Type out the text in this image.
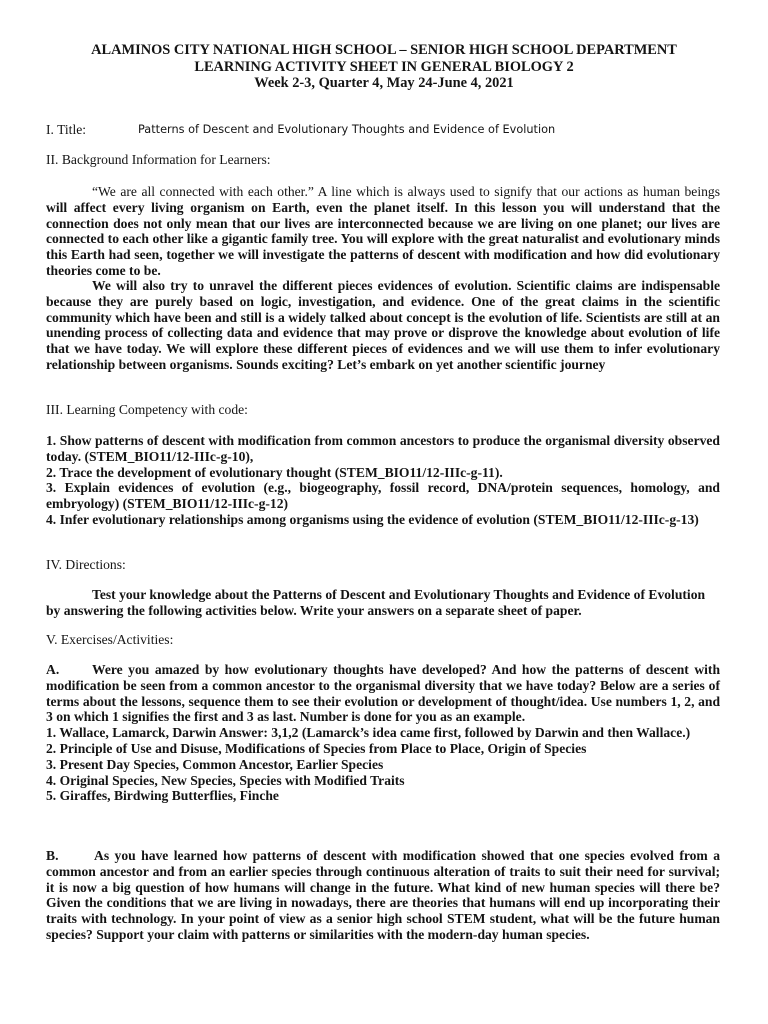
ALAMINOS CITY NATIONAL HIGH SCHOOL – SENIOR HIGH SCHOOL DEPARTMENT
LEARNING ACTIVITY SHEET IN GENERAL BIOLOGY 2
Week 2-3, Quarter 4, May 24-June 4, 2021
I. Title:	Patterns of Descent and Evolutionary Thoughts and Evidence of Evolution
II. Background Information for Learners:
“We are all connected with each other.” A line which is always used to signify that our actions as human beings will affect every living organism on Earth, even the planet itself. In this lesson you will understand that the connection does not only mean that our lives are interconnected because we are living on one planet; our lives are connected to each other like a gigantic family tree. You will explore with the great naturalist and evolutionary minds this Earth had seen, together we will investigate the patterns of descent with modification and how did evolutionary theories come to be.
We will also try to unravel the different pieces evidences of evolution. Scientific claims are indispensable because they are purely based on logic, investigation, and evidence. One of the great claims in the scientific community which have been and still is a widely talked about concept is the evolution of life. Scientists are still at an unending process of collecting data and evidence that may prove or disprove the knowledge about evolution of life that we have today. We will explore these different pieces of evidences and we will use them to infer evolutionary relationship between organisms. Sounds exciting? Let’s embark on yet another scientific journey
III. Learning Competency with code:
1. Show patterns of descent with modification from common ancestors to produce the organismal diversity observed today. (STEM_BIO11/12-IIIc-g-10),
2. Trace the development of evolutionary thought (STEM_BIO11/12-IIIc-g-11).
3. Explain evidences of evolution (e.g., biogeography, fossil record, DNA/protein sequences, homology, and embryology) (STEM_BIO11/12-IIIc-g-12)
4. Infer evolutionary relationships among organisms using the evidence of evolution (STEM_BIO11/12-IIIc-g-13)
IV. Directions:
Test your knowledge about the Patterns of Descent and Evolutionary Thoughts and Evidence of Evolution by answering the following activities below. Write your answers on a separate sheet of paper.
V. Exercises/Activities:
A. Were you amazed by how evolutionary thoughts have developed? And how the patterns of descent with modification be seen from a common ancestor to the organismal diversity that we have today? Below are a series of terms about the lessons, sequence them to see their evolution or development of thought/idea. Use numbers 1, 2, and 3 on which 1 signifies the first and 3 as last. Number is done for you as an example.
1. Wallace, Lamarck, Darwin Answer: 3,1,2 (Lamarck’s idea came first, followed by Darwin and then Wallace.)
2. Principle of Use and Disuse, Modifications of Species from Place to Place, Origin of Species
3. Present Day Species, Common Ancestor, Earlier Species
4. Original Species, New Species, Species with Modified Traits
5. Giraffes, Birdwing Butterflies, Finche
B.	As you have learned how patterns of descent with modification showed that one species evolved from a common ancestor and from an earlier species through continuous alteration of traits to suit their need for survival; it is now a big question of how humans will change in the future. What kind of new human species will there be? Given the conditions that we are living in nowadays, there are theories that humans will end up incorporating their traits with technology. In your point of view as a senior high school STEM student, what will be the future human species? Support your claim with patterns or similarities with the modern-day human species.
